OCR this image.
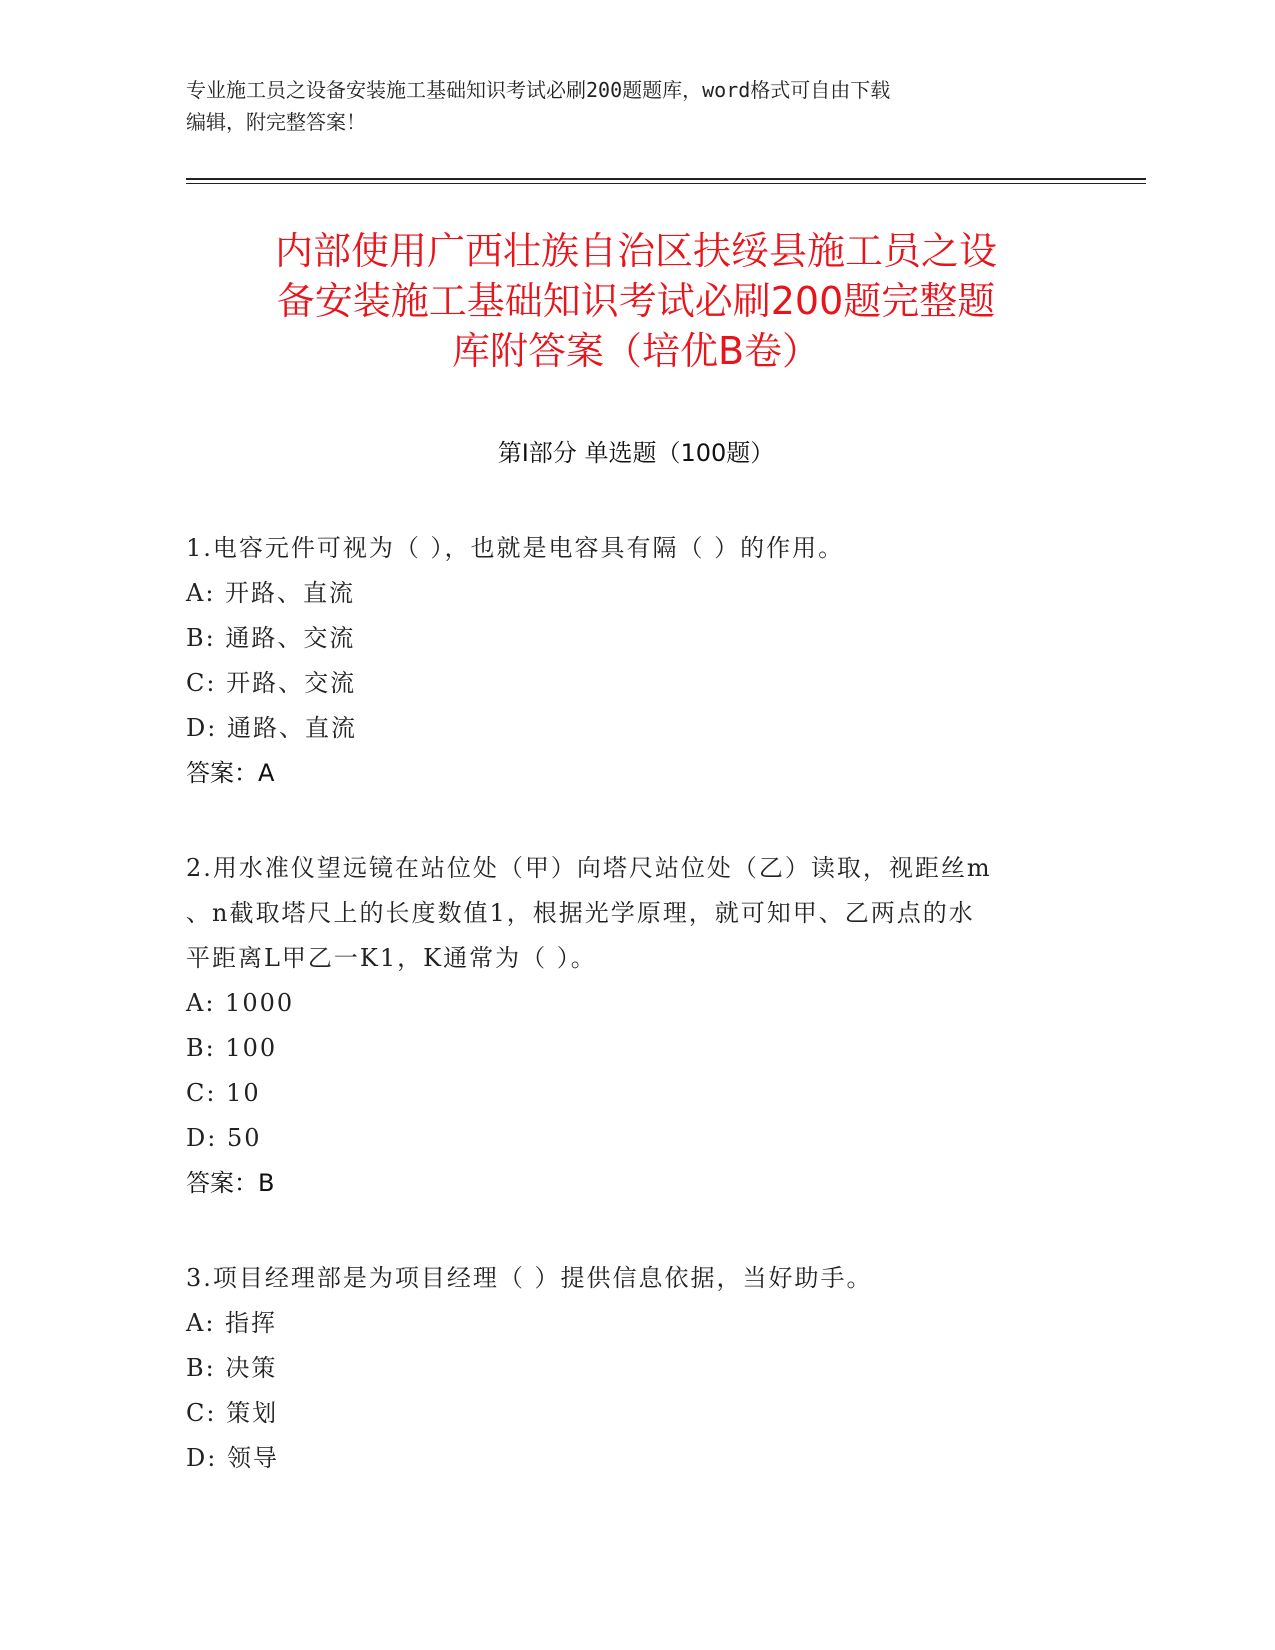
专业施工员之设备安装施工基础知识考试必刷200题题库，word格式可自由下载
编辑，附完整答案！
内部使用广西壮族自治区扶绥县施工员之设
备安装施工基础知识考试必刷200题完整题
库附答案（培优B卷）
第Ⅰ部分 单选题（100题）
1.电容元件可视为（ ），也就是电容具有隔（ ）的作用。
A: 开路、直流
B: 通路、交流
C: 开路、交流
D: 通路、直流
答案：A
2.用水准仪望远镜在站位处（甲）向塔尺站位处（乙）读取，视距丝m
、n截取塔尺上的长度数值1，根据光学原理，就可知甲、乙两点的水
平距离L甲乙一K1，K通常为（ ）。
A: 1000
B: 100
C: 10
D: 50
答案：B
3.项目经理部是为项目经理（ ）提供信息依据，当好助手。
A: 指挥
B: 决策
C: 策划
D: 领导
